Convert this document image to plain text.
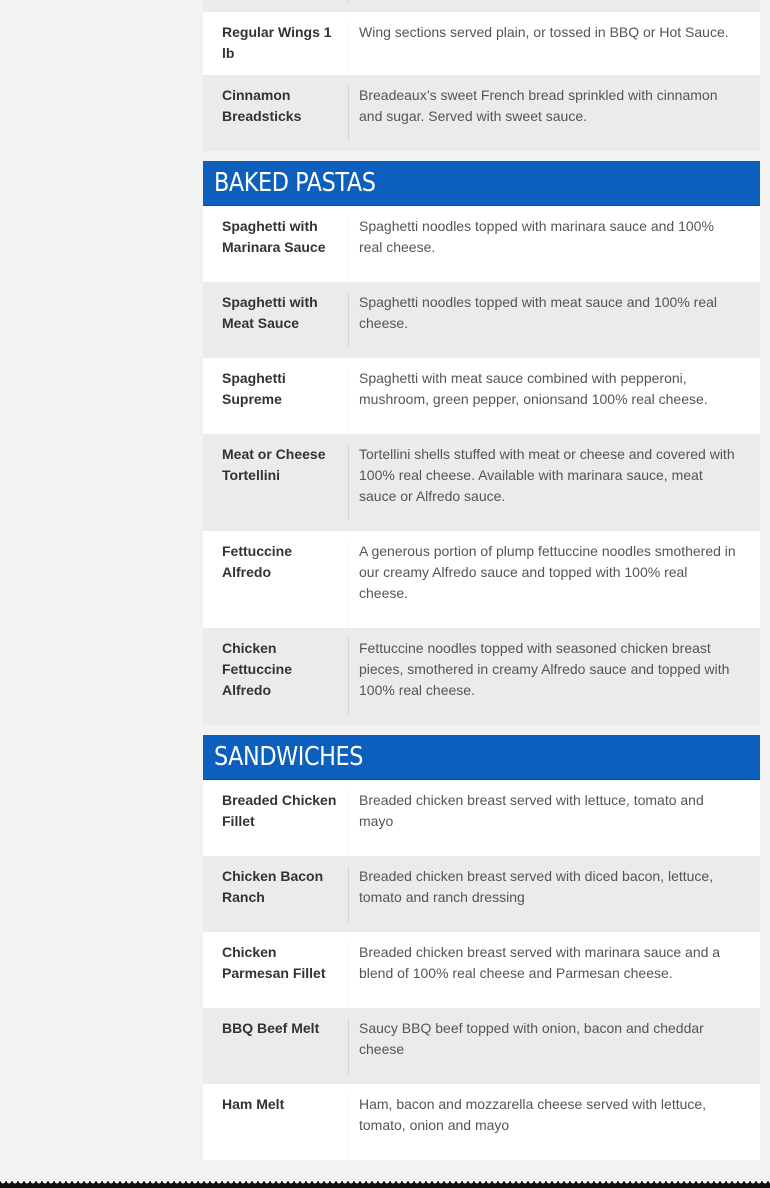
Regular Wings 1 lb
Wing sections served plain, or tossed in BBQ or Hot Sauce.
Cinnamon Breadsticks
Breadeaux’s sweet French bread sprinkled with cinnamon and sugar. Served with sweet sauce.
BAKED PASTAS
Spaghetti with Marinara Sauce
Spaghetti noodles topped with marinara sauce and 100% real cheese.
Spaghetti with Meat Sauce
Spaghetti noodles topped with meat sauce and 100% real cheese.
Spaghetti Supreme
Spaghetti with meat sauce combined with pepperoni, mushroom, green pepper, onionsand 100% real cheese.
Meat or Cheese Tortellini
Tortellini shells stuffed with meat or cheese and covered with 100% real cheese. Available with marinara sauce, meat sauce or Alfredo sauce.
Fettuccine Alfredo
A generous portion of plump fettuccine noodles smothered in our creamy Alfredo sauce and topped with 100% real cheese.
Chicken Fettuccine Alfredo
Fettuccine noodles topped with seasoned chicken breast pieces, smothered in creamy Alfredo sauce and topped with 100% real cheese.
SANDWICHES
Breaded Chicken Fillet
Breaded chicken breast served with lettuce, tomato and mayo
Chicken Bacon Ranch
Breaded chicken breast served with diced bacon, lettuce, tomato and ranch dressing
Chicken Parmesan Fillet
Breaded chicken breast served with marinara sauce and a blend of 100% real cheese and Parmesan cheese.
BBQ Beef Melt	Saucy BBQ beef topped with onion, bacon and cheddar cheese
Ham Melt	Ham, bacon and mozzarella cheese served with lettuce, tomato, onion and mayo
